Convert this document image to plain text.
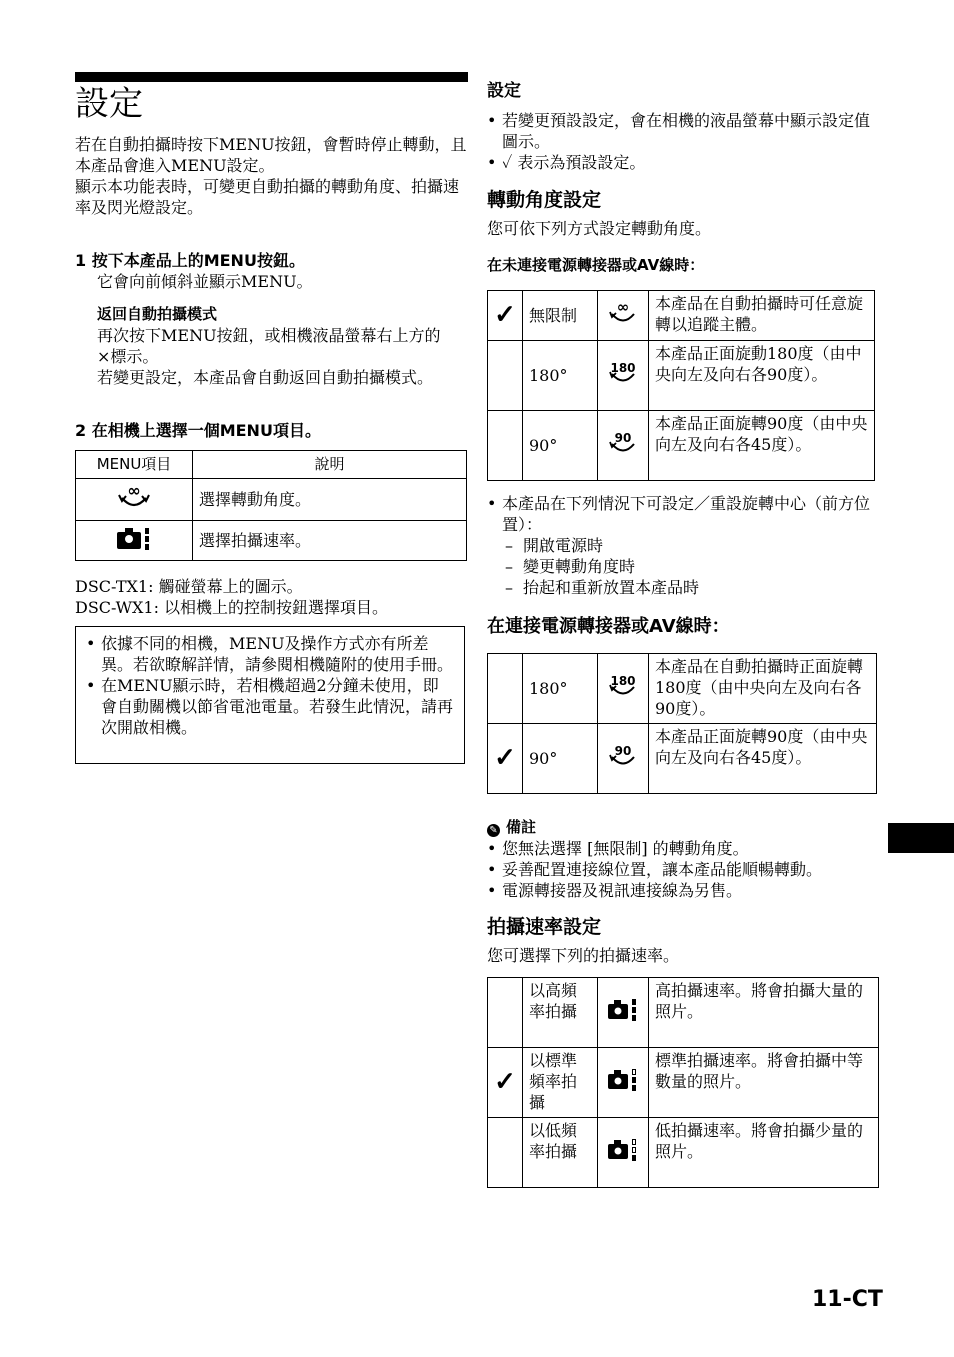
設定

若在自動拍攝時按下MENU按鈕，會暫時停止轉動，且本產品會進入MENU設定。

顯示本功能表時，可變更自動拍攝的轉動角度、拍攝速率及閃光燈設定。

1 按下本產品上的MENU按鈕。

它會向前傾斜並顯示MENU。

返回自動拍攝模式

再次按下MENU按鈕，或相機液晶螢幕右上方的×標示。

若變更設定，本產品會自動返回自動拍攝模式。

2 在相機上選擇一個MENU項目。

MENU項目	說明

∞	選擇轉動角度。
	選擇拍攝速率。

DSC-TX1: 觸碰螢幕上的圖示。

DSC-WX1: 以相機上的控制按鈕選擇項目。

• 依據不同的相機，MENU及操作方式亦有所差異。若欲瞭解詳情，請參閱相機隨附的使用手冊。
• 在MENU顯示時，若相機超過2分鐘未使用，即會自動關機以節省電池電量。若發生此情況，請再次開啟相機。

設定

• 若變更預設設定，會在相機的液晶螢幕中顯示設定值圖示。
• ✓ 表示為預設設定。

轉動角度設定

您可依下列方式設定轉動角度。

在未連接電源轉接器或AV線時：

✓	無限制	∞	本產品在自動拍攝時可任意旋轉以追蹤主體。
	180°	180	本產品正面旋動180度（由中央向左及向右各90度）。
	90°	90	本產品正面旋轉90度（由中央向左及向右各45度）。
• 本產品在下列情況下可設定／重設旋轉中心（前方位置）：
– 開啟電源時
– 變更轉動角度時
– 抬起和重新放置本產品時

在連接電源轉接器或AV線時：

	180°	180	本產品在自動拍攝時正面旋轉180度（由中央向左及向右各90度）。
✓	90°	90	本產品正面旋轉90度（由中央向左及向右各45度）。

✎ 備註

• 您無法選擇 [無限制] 的轉動角度。
• 妥善配置連接線位置，讓本產品能順暢轉動。
• 電源轉接器及視訊連接線為另售。

拍攝速率設定

您可選擇下列的拍攝速率。

	以高頻率拍攝		高拍攝速率。將會拍攝大量的照片。
✓	以標準頻率拍攝		標準拍攝速率。將會拍攝中等數量的照片。
	以低頻率拍攝		低拍攝速率。將會拍攝少量的照片。
11-CT
